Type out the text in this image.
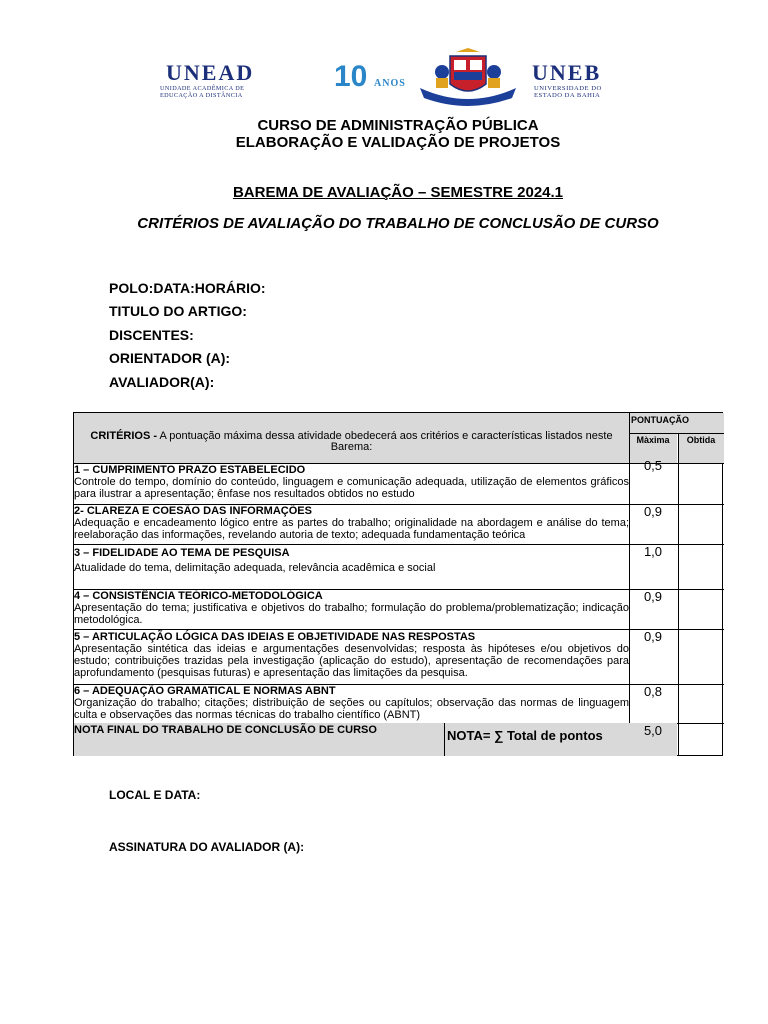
UNEAD
UNIDADE ACADÊMICA DE
EDUCAÇÃO A DISTÂNCIA
10 ANOS	UNEB
UNIVERSIDADE DO
ESTADO DA BAHIA
CURSO DE ADMINISTRAÇÃO PÚBLICA
ELABORAÇÃO E VALIDAÇÃO DE PROJETOS
BAREMA DE AVALIAÇÃO – SEMESTRE 2024.1
CRITÉRIOS DE AVALIAÇÃO DO TRABALHO DE CONCLUSÃO DE CURSO
POLO:DATA:HORÁRIO:
TITULO DO ARTIGO:
DISCENTES:
ORIENTADOR (A):
AVALIADOR(A):
CRITÉRIOS - A pontuação máxima dessa atividade obedecerá aos critérios e características listados neste Barema:
PONTUAÇÃO
Màxima	Obtida
1 – CUMPRIMENTO PRAZO ESTABELECIDO
Controle do tempo, domínio do conteúdo, linguagem e comunicação adequada, utilização de elementos gráficos para ilustrar a apresentação; ênfase nos resultados obtidos no estudo
0,5
2- CLAREZA E COESÃO DAS INFORMAÇÕES
Adequação e encadeamento lógico entre as partes do trabalho; originalidade na abordagem e análise do tema; reelaboração das informações, revelando autoria de texto; adequada fundamentação teórica
0,9
3 – FIDELIDADE AO TEMA DE PESQUISA
Atualidade do tema, delimitação adequada, relevância acadêmica e social
1,0
4 – CONSISTÊNCIA TEÓRICO-METODOLÓGICA
Apresentação do tema; justificativa e objetivos do trabalho; formulação do problema/problematização; indicação metodológica.
0,9
5 – ARTICULAÇÃO LÓGICA DAS IDEIAS E OBJETIVIDADE NAS RESPOSTAS
Apresentação sintética das ideias e argumentações desenvolvidas; resposta às hipóteses e/ou objetivos do estudo; contribuições trazidas pela investigação (aplicação do estudo), apresentação de recomendações para aprofundamento (pesquisas futuras) e apresentação das limitações da pesquisa.
0,9
6 – ADEQUAÇÃO GRAMATICAL E NORMAS ABNT
Organização do trabalho; citações; distribuição de seções ou capítulos; observação das normas de linguagem culta e observações das normas técnicas do trabalho científico (ABNT)
0,8
NOTA FINAL DO TRABALHO DE CONCLUSÃO DE CURSO	NOTA= ∑ Total de pontos	5,0
LOCAL E DATA:
ASSINATURA DO AVALIADOR (A):
